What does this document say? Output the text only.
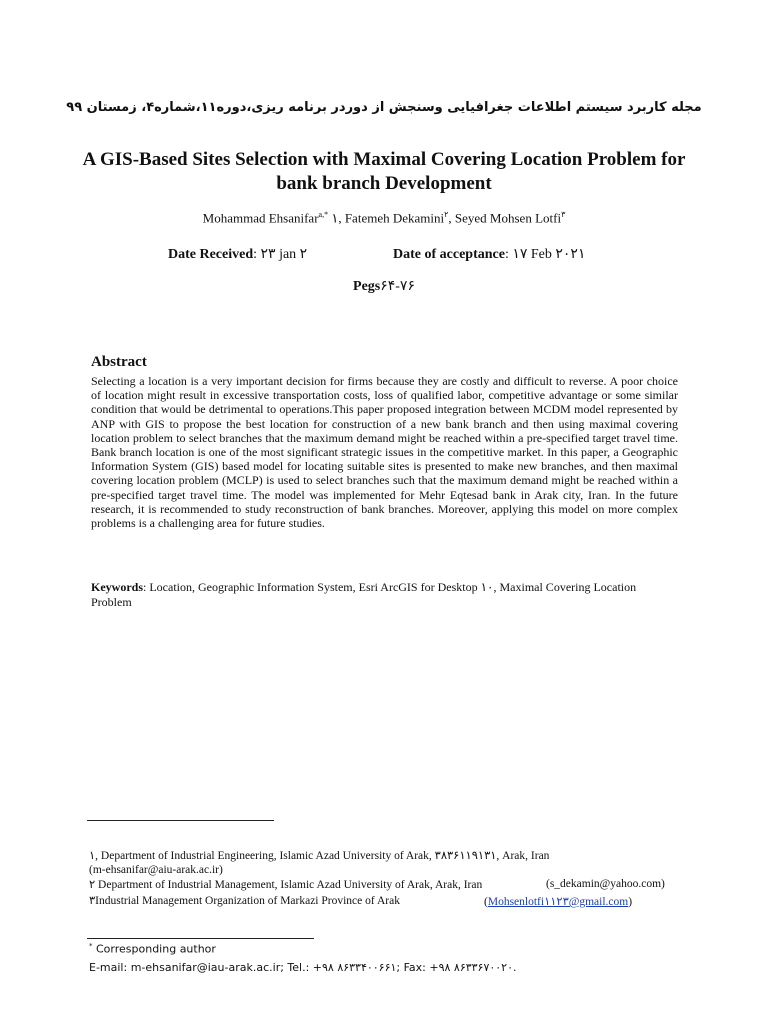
مجله کاربرد سیستم اطلاعات جغرافیایی وسنجش از دوردر برنامه ریزی،دوره۱۱،شماره۴، زمستان ۹۹
A GIS-Based Sites Selection with Maximal Covering Location Problem for bank branch Development
Mohammad Ehsanifar$^{a,*}$ ۱, Fatemeh Dekamini$^۲$, Seyed Mohsen Lotfi$^۳$
Date Received: ۲۳ jan ۲	Date of acceptance: ۱۷ Feb ۲۰۲۱
Pegs۶۴-۷۶
Abstract
Selecting a location is a very important decision for firms because they are costly and difficult to reverse. A poor choice of location might result in excessive transportation costs, loss of qualified labor, competitive advantage or some similar condition that would be detrimental to operations.This paper proposed integration between MCDM model represented by ANP with GIS to propose the best location for construction of a new bank branch and then using maximal covering location problem to select branches that the maximum demand might be reached within a pre-specified target travel time. Bank branch location is one of the most significant strategic issues in the competitive market. In this paper, a Geographic Information System (GIS) based model for locating suitable sites is presented to make new branches, and then maximal covering location problem (MCLP) is used to select branches such that the maximum demand might be reached within a pre-specified target travel time. The model was implemented for Mehr Eqtesad bank in Arak city, Iran. In the future research, it is recommended to study reconstruction of bank branches. Moreover, applying this model on more complex problems is a challenging area for future studies.
Keywords: Location, Geographic Information System, Esri ArcGIS for Desktop ۱۰, Maximal Covering Location Problem
۱, Department of Industrial Engineering, Islamic Azad University of Arak, ۳۸۳۶۱۱۹۱۳۱, Arak, Iran
(m-ehsanifar@aiu-arak.ac.ir)
۲ Department of Industrial Management, Islamic Azad University of Arak, Arak, Iran	(s_dekamin@yahoo.com)
۳Industrial Management Organization of Markazi Province of Arak	(Mohsenlotfi۱۱۲۳@gmail.com)
* Corresponding author
E-mail: m-ehsanifar@iau-arak.ac.ir; Tel.: +۹۸ ۸۶۳۳۴۰۰۶۶۱; Fax: +۹۸ ۸۶۳۳۶۷۰۰۲۰.
